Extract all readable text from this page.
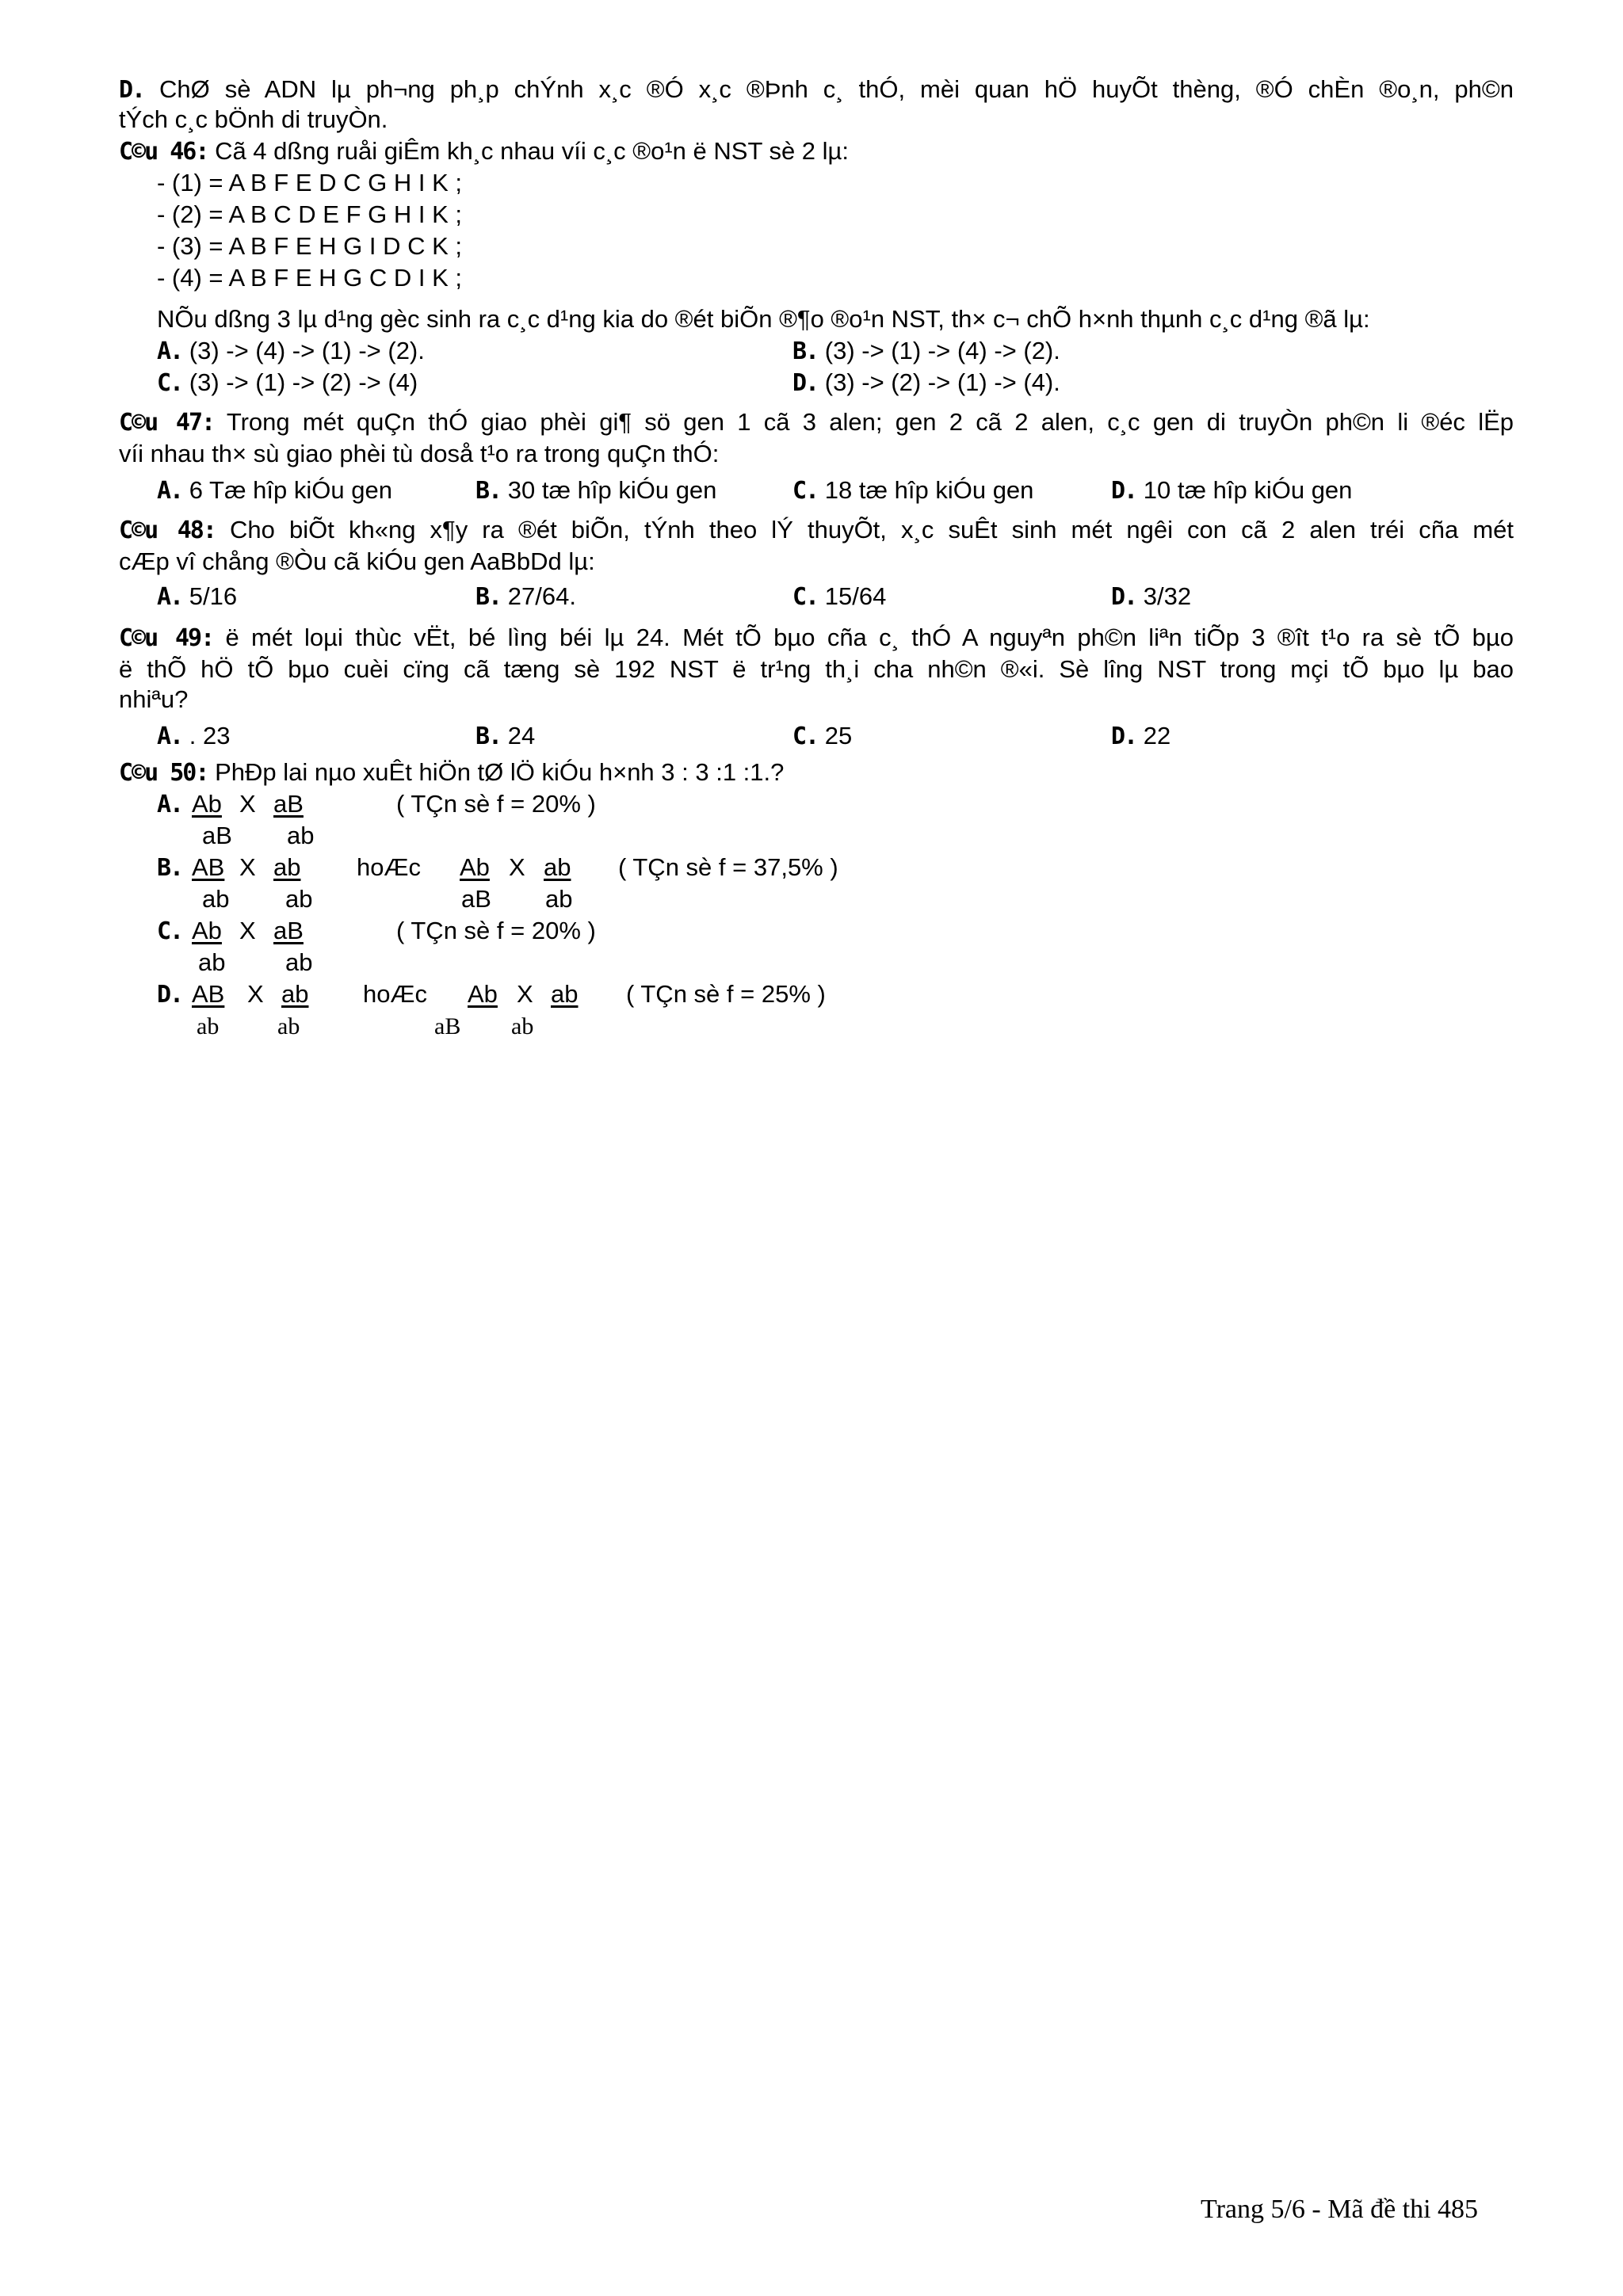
D. ChØ sè ADN lµ ph¬ng ph¸p chÝnh x¸c ®Ó x¸c ®Þnh c¸ thÓ, mèi quan hÖ huyÕt thèng, ®Ó chÈn ®o¸n, ph©n
tÝch c¸c bÖnh di truyÒn.
C©u 46: Cã 4 dßng ruåi giÊm kh¸c nhau víi c¸c ®o¹n ë NST sè 2 lµ:
- (1) = A B F E D C G H I K ;
- (2) = A B C D E F G H I K ;
- (3) = A B F E H G I D C K ;
- (4) = A B F E H G C D I K ;
NÕu dßng 3 lµ d¹ng gèc sinh ra c¸c d¹ng kia do ®ét biÕn ®¶o ®o¹n NST, th× c¬ chÕ h×nh thµnh c¸c d¹ng ®ã lµ:
A. (3) -> (4) -> (1) -> (2).	B. (3) -> (1) -> (4) -> (2).
C. (3) -> (1) -> (2) -> (4)	D. (3) -> (2) -> (1) -> (4).
C©u 47: Trong mét quÇn thÓ giao phèi gi¶ sö gen 1 cã 3 alen; gen 2 cã 2 alen, c¸c gen di truyÒn ph©n li ®éc lËp
víi nhau th× sù giao phèi tù doså t¹o ra trong quÇn thÓ:
A. 6 Tæ hîp kiÓu gen	B. 30 tæ hîp kiÓu gen	C. 18 tæ hîp kiÓu gen	D. 10 tæ hîp kiÓu gen
C©u 48: Cho biÕt kh«ng x¶y ra ®ét biÕn, tÝnh theo lÝ thuyÕt, x¸c suÊt sinh mét ngêi con cã 2 alen tréi cña mét
cÆp vî chång ®Òu cã kiÓu gen AaBbDd lµ:
A. 5/16	B. 27/64.	C. 15/64	D. 3/32
C©u 49: ë mét loµi thùc vËt, bé lìng béi lµ 24. Mét tÕ bµo cña c¸ thÓ A nguyªn ph©n liªn tiÕp 3 ®ît t¹o ra sè tÕ bµo
ë thÕ hÖ tÕ bµo cuèi cïng cã tæng sè 192 NST ë tr¹ng th¸i cha nh©n ®«i. Sè lîng NST trong mçi tÕ bµo lµ bao
nhiªu?
A. . 23	B. 24	C. 25	D. 22
C©u 50: PhÐp lai nµo xuÊt hiÖn tØ lÖ kiÓu h×nh 3 : 3 :1 :1.?
A. Ab X aB	( TÇn sè f = 20% )
aB ab
B. AB X ab hoÆc Ab X ab ( TÇn sè f = 37,5% )
ab ab	aB ab
C. Ab X aB	( TÇn sè f = 20% )
ab ab
D. AB X ab hoÆc Ab X ab ( TÇn sè f = 25% )
ab ab	aB ab
Trang 5/6 - Mã đề thi 485
